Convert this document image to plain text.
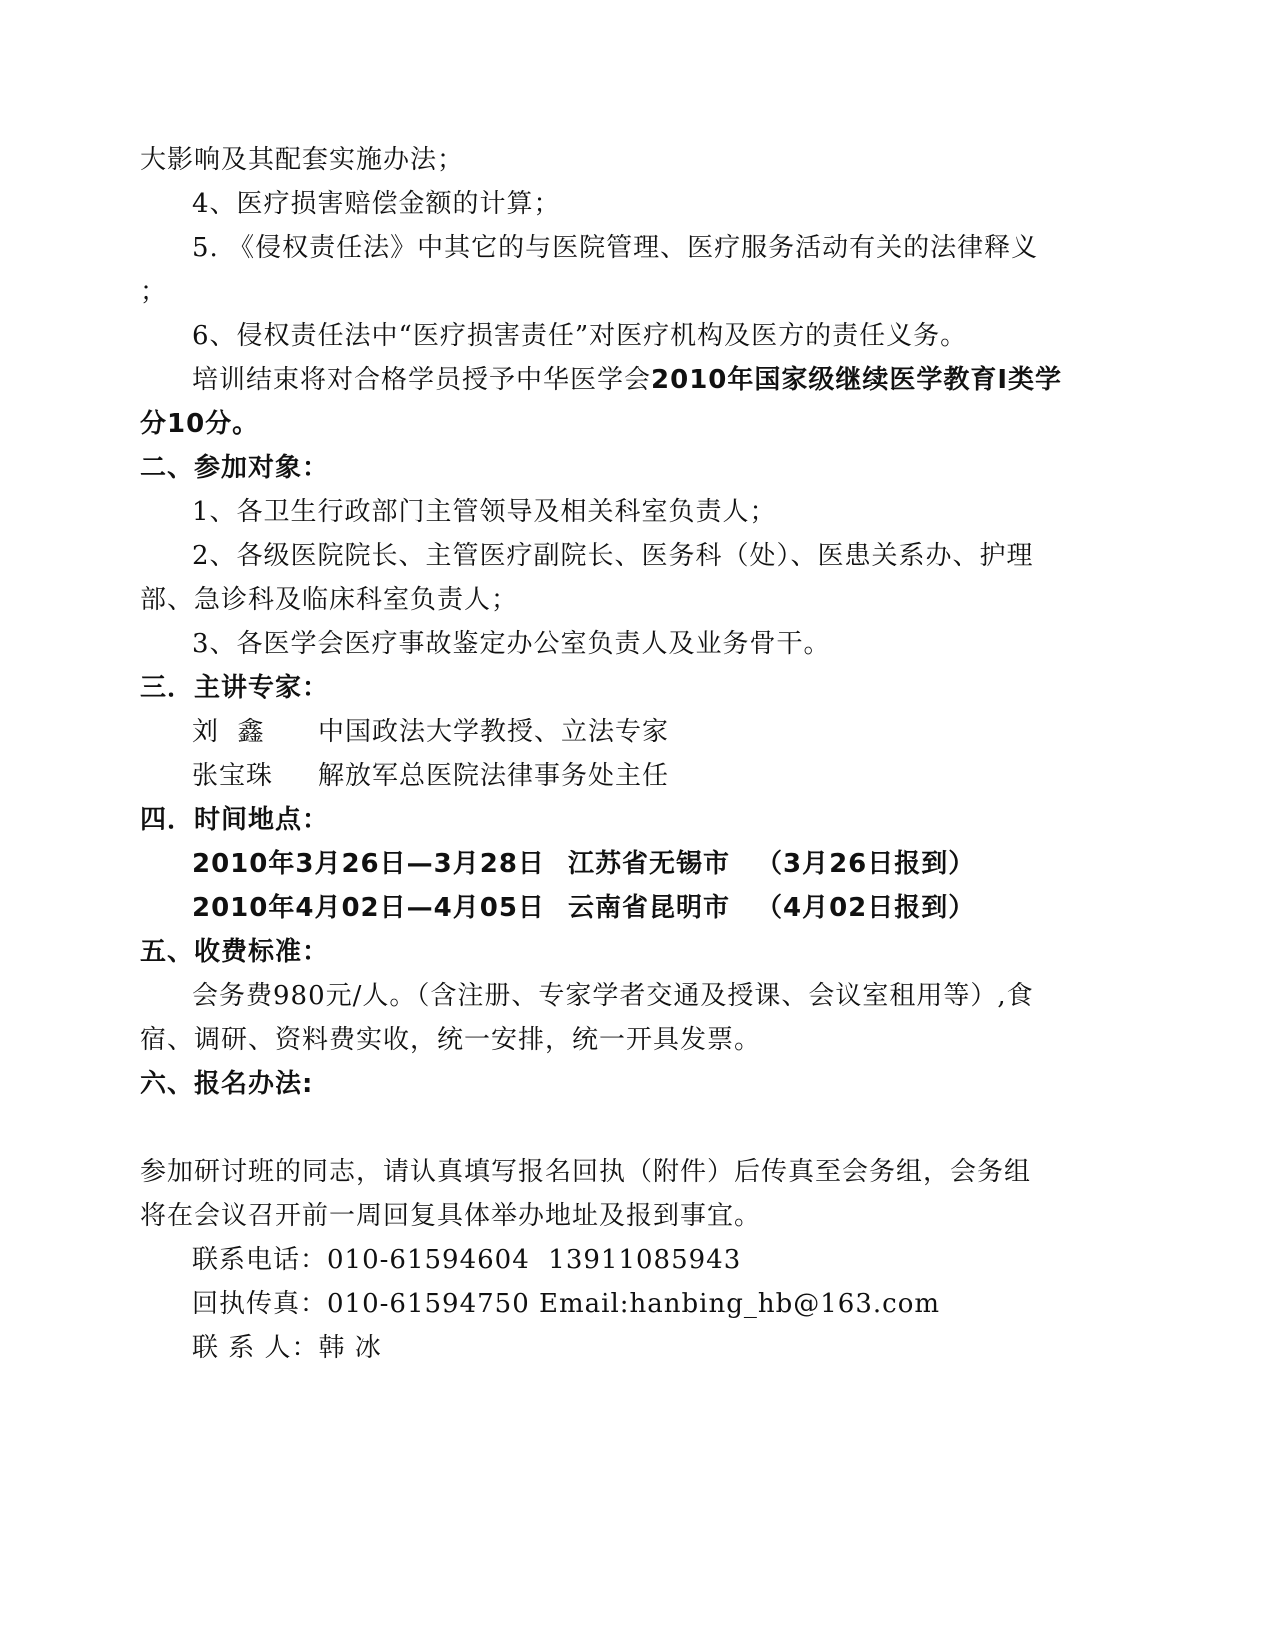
大影响及其配套实施办法；
4、医疗损害赔偿金额的计算；
5. 《侵权责任法》中其它的与医院管理、医疗服务活动有关的法律释义
；
6、侵权责任法中“医疗损害责任”对医疗机构及医方的责任义务。
培训结束将对合格学员授予中华医学会2010年国家级继续医学教育I类学
分10分。
二、参加对象：
1、各卫生行政部门主管领导及相关科室负责人；
2、各级医院院长、主管医疗副院长、医务科（处）、医患关系办、护理
部、急诊科及临床科室负责人；
3、各医学会医疗事故鉴定办公室负责人及业务骨干。
三．主讲专家：
刘  鑫 中国政法大学教授、立法专家
张宝珠 解放军总医院法律事务处主任
四．时间地点：
2010年3月26日—3月28日 江苏省无锡市 （3月26日报到）
2010年4月02日—4月05日 云南省昆明市 （4月02日报到）
五、收费标准：
会务费980元/人。（含注册、专家学者交通及授课、会议室租用等）,食
宿、调研、资料费实收，统一安排，统一开具发票。
六、报名办法:
参加研讨班的同志，请认真填写报名回执（附件）后传真至会务组，会务组
将在会议召开前一周回复具体举办地址及报到事宜。
联系电话：010-61594604  13911085943
回执传真：010-61594750 Email:hanbing_hb@163.com
联 系 人：韩 冰
